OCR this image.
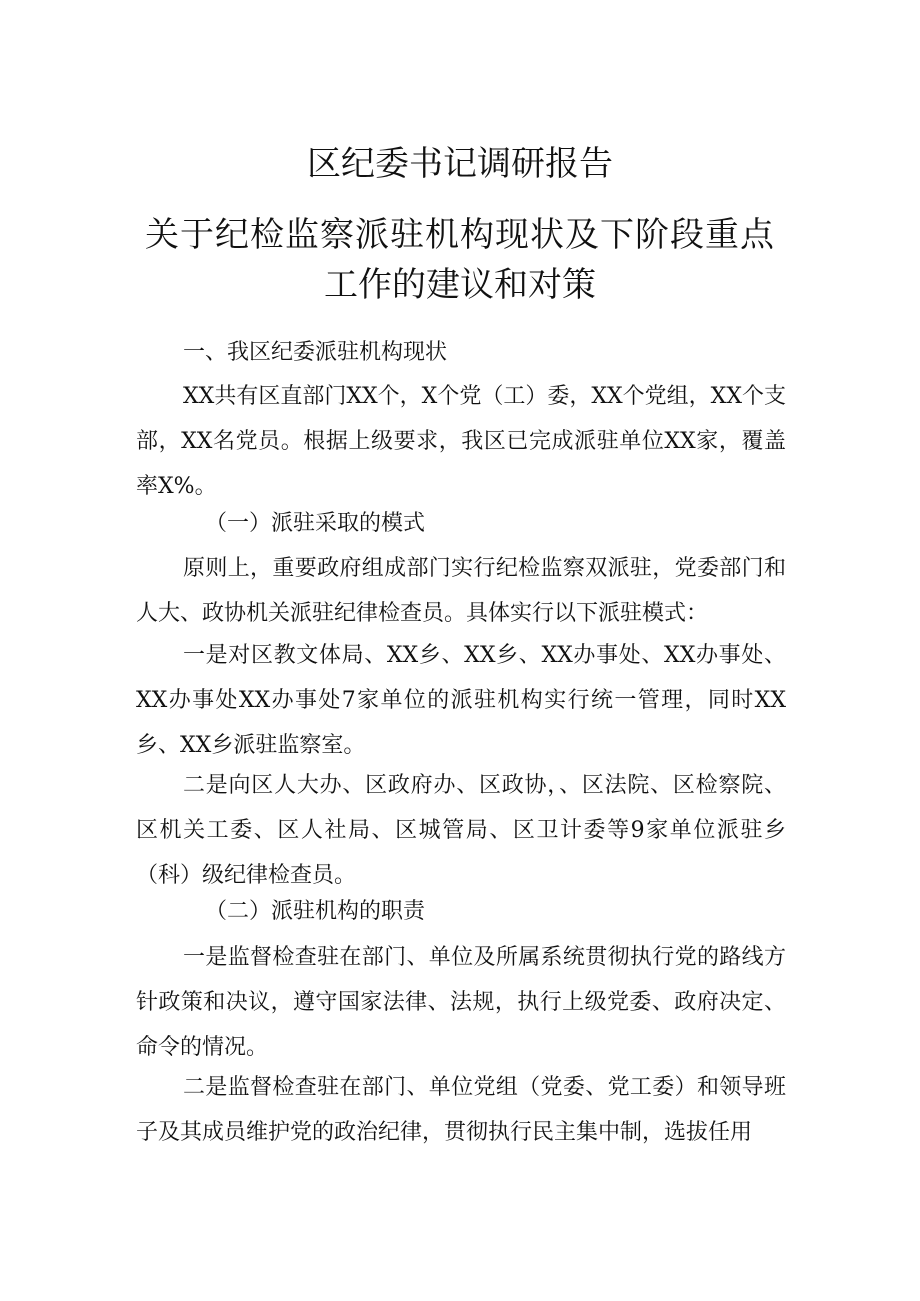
区纪委书记调研报告
关于纪检监察派驻机构现状及下阶段重点
工作的建议和对策

一、我区纪委派驻机构现状

XX共有区直部门XX个，X个党（工）委，XX个党组，XX个支部，XX名党员。根据上级要求，我区已完成派驻单位XX家，覆盖率X%。

（一）派驻采取的模式

原则上，重要政府组成部门实行纪检监察双派驻，党委部门和人大、政协机关派驻纪律检查员。具体实行以下派驻模式：

一是对区教文体局、XX乡、XX乡、XX办事处、XX办事处、XX办事处XX办事处7家单位的派驻机构实行统一管理，同时XX乡、XX乡派驻监察室。

二是向区人大办、区政府办、区政协，、区法院、区检察院、区机关工委、区人社局、区城管局、区卫计委等9家单位派驻乡（科）级纪律检查员。

（二）派驻机构的职责

一是监督检查驻在部门、单位及所属系统贯彻执行党的路线方针政策和决议，遵守国家法律、法规，执行上级党委、政府决定、命令的情况。

二是监督检查驻在部门、单位党组（党委、党工委）和领导班子及其成员维护党的政治纪律，贯彻执行民主集中制，选拔任用
